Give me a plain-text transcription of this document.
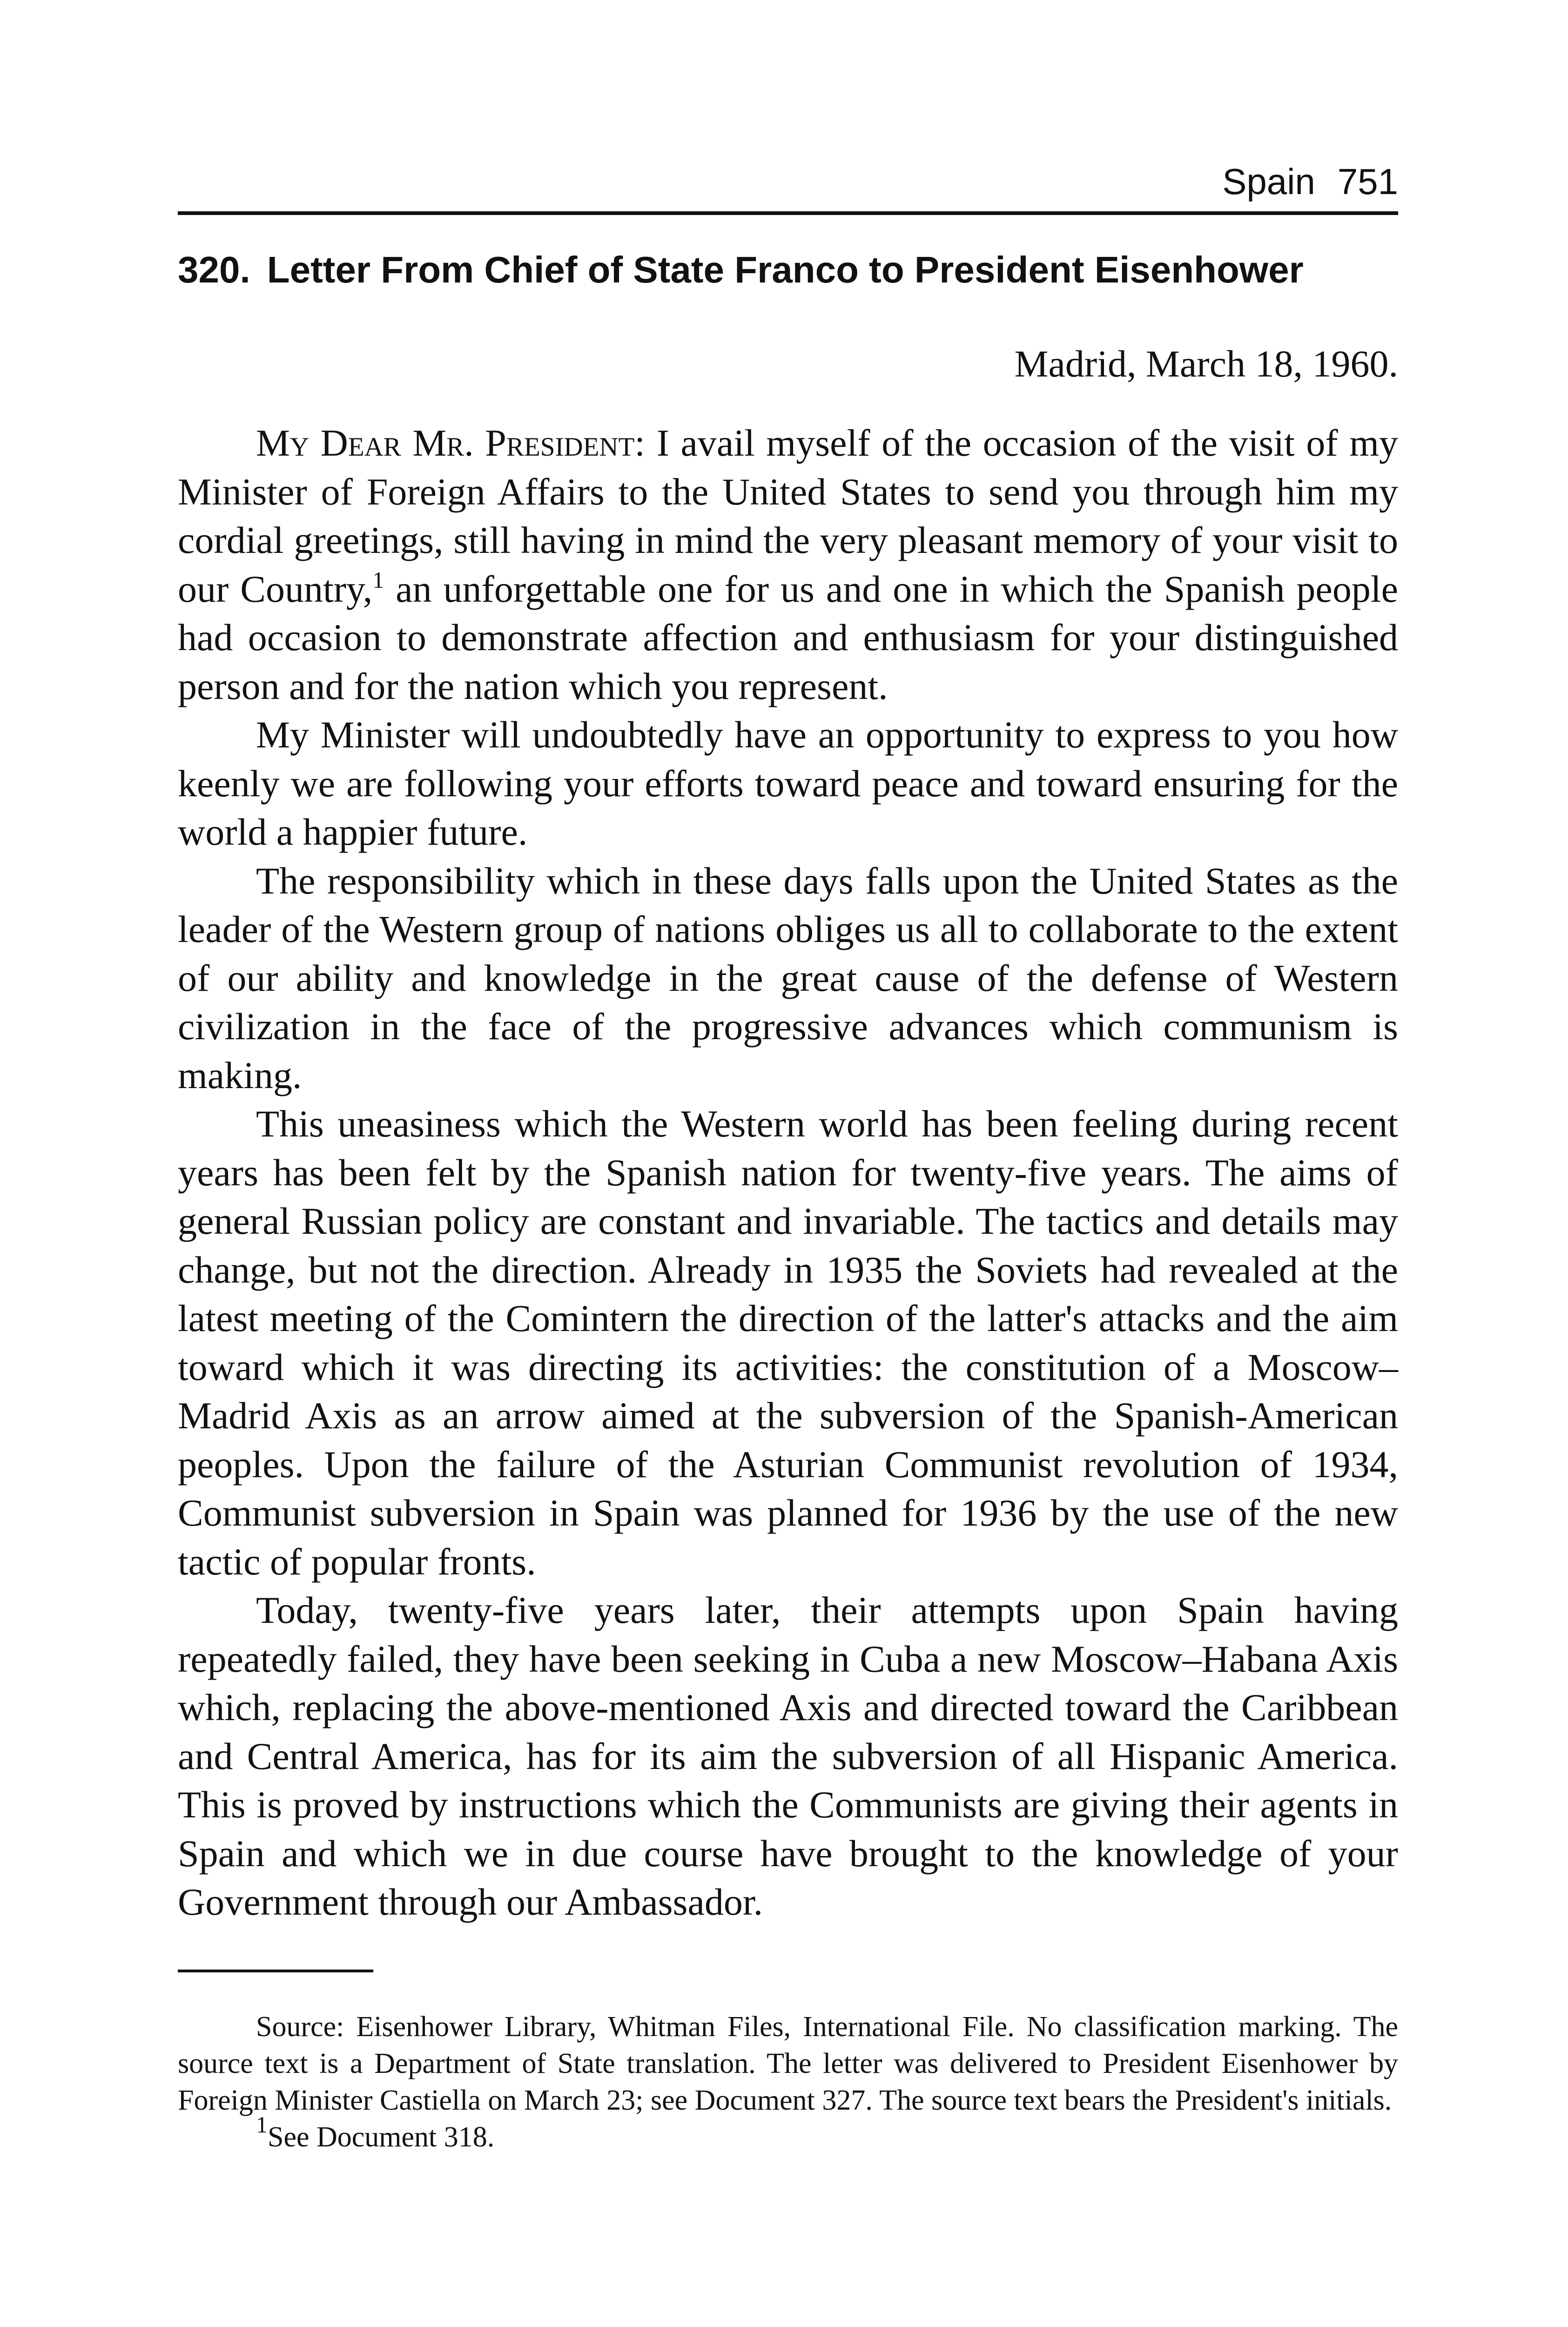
Spain 751
320. Letter From Chief of State Franco to President Eisenhower
Madrid, March 18, 1960.

My Dear Mr. President: I avail myself of the occasion of the visit of my Minister of Foreign Affairs to the United States to send you through him my cordial greetings, still having in mind the very pleasant memory of your visit to our Country,$^1$ an unforgettable one for us and one in which the Spanish people had occasion to demonstrate affection and enthusiasm for your distinguished person and for the nation which you represent.

My Minister will undoubtedly have an opportunity to express to you how keenly we are following your efforts toward peace and toward ensuring for the world a happier future.

The responsibility which in these days falls upon the United States as the leader of the Western group of nations obliges us all to collaborate to the extent of our ability and knowledge in the great cause of the defense of Western civilization in the face of the progressive advances which communism is making.

This uneasiness which the Western world has been feeling during recent years has been felt by the Spanish nation for twenty-five years. The aims of general Russian policy are constant and invariable. The tactics and details may change, but not the direction. Already in 1935 the Soviets had revealed at the latest meeting of the Comintern the direction of the latter's attacks and the aim toward which it was directing its activities: the constitution of a Moscow–Madrid Axis as an arrow aimed at the subversion of the Spanish-American peoples. Upon the failure of the Asturian Communist revolution of 1934, Communist subversion in Spain was planned for 1936 by the use of the new tactic of popular fronts.

Today, twenty-five years later, their attempts upon Spain having repeatedly failed, they have been seeking in Cuba a new Moscow–Habana Axis which, replacing the above-mentioned Axis and directed toward the Caribbean and Central America, has for its aim the subversion of all Hispanic America. This is proved by instructions which the Communists are giving their agents in Spain and which we in due course have brought to the knowledge of your Government through our Ambassador.

Source: Eisenhower Library, Whitman Files, International File. No classification marking. The source text is a Department of State translation. The letter was delivered to President Eisenhower by Foreign Minister Castiella on March 23; see Document 327. The source text bears the President's initials.

$^1$See Document 318.
